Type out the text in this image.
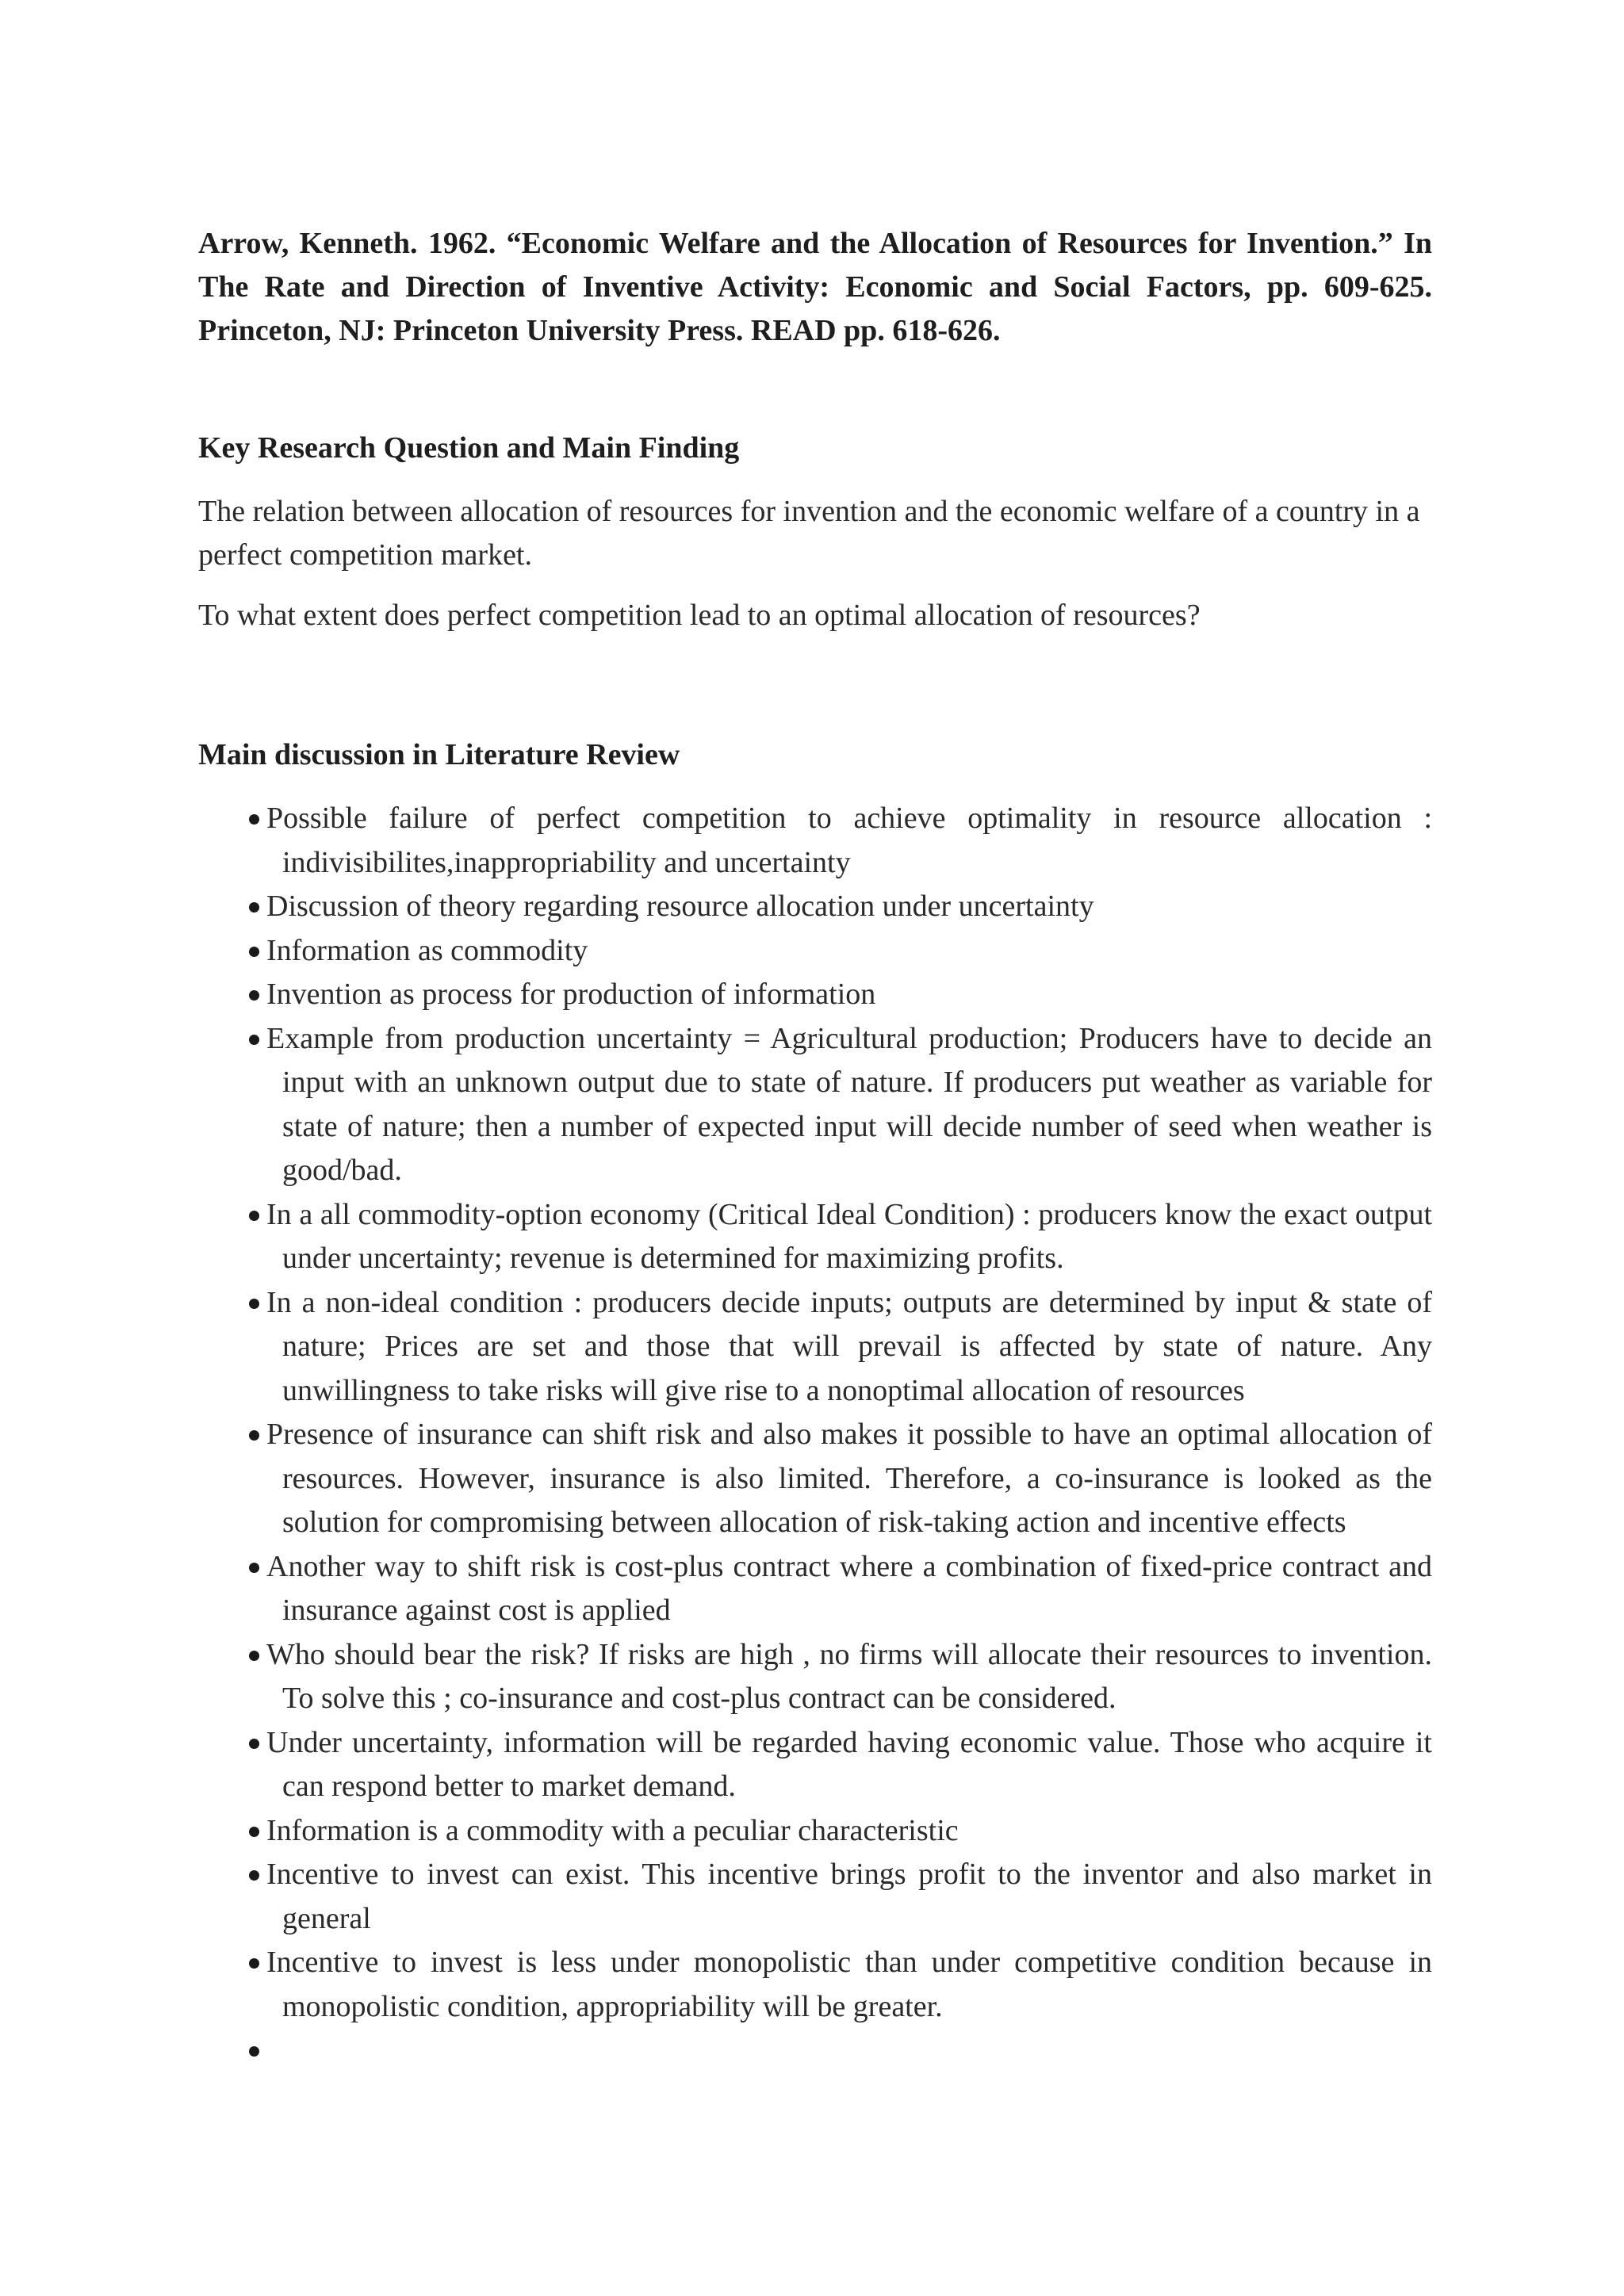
Arrow, Kenneth. 1962. “Economic Welfare and the Allocation of Resources for Invention.” In The Rate and Direction of Inventive Activity: Economic and Social Factors, pp. 609-625. Princeton, NJ: Princeton University Press. READ pp. 618-626.

Key Research Question and Main Finding

The relation between allocation of resources for invention and the economic welfare of a country in a perfect competition market.

To what extent does perfect competition lead to an optimal allocation of resources?

Main discussion in Literature Review
Possible failure of perfect competition to achieve optimality in resource allocation : indivisibilites,inappropriability and uncertainty
Discussion of theory regarding resource allocation under uncertainty
Information as commodity
Invention as process for production of information
Example from production uncertainty = Agricultural production; Producers have to decide an input with an unknown output due to state of nature. If producers put weather as variable for state of nature; then a number of expected input will decide number of seed when weather is good/bad.
In a all commodity-option economy (Critical Ideal Condition) : producers know the exact output under uncertainty; revenue is determined for maximizing profits.
In a non-ideal condition : producers decide inputs; outputs are determined by input & state of nature; Prices are set and those that will prevail is affected by state of nature. Any unwillingness to take risks will give rise to a nonoptimal allocation of resources
Presence of insurance can shift risk and also makes it possible to have an optimal allocation of resources. However, insurance is also limited. Therefore, a co-insurance is looked as the solution for compromising between allocation of risk-taking action and incentive effects
Another way to shift risk is cost-plus contract where a combination of fixed-price contract and insurance against cost is applied
Who should bear the risk? If risks are high , no firms will allocate their resources to invention. To solve this ; co-insurance and cost-plus contract can be considered.
Under uncertainty, information will be regarded having economic value. Those who acquire it can respond better to market demand.
Information is a commodity with a peculiar characteristic
Incentive to invest can exist. This incentive brings profit to the inventor and also market in general
Incentive to invest is less under monopolistic than under competitive condition because in monopolistic condition, appropriability will be greater.
